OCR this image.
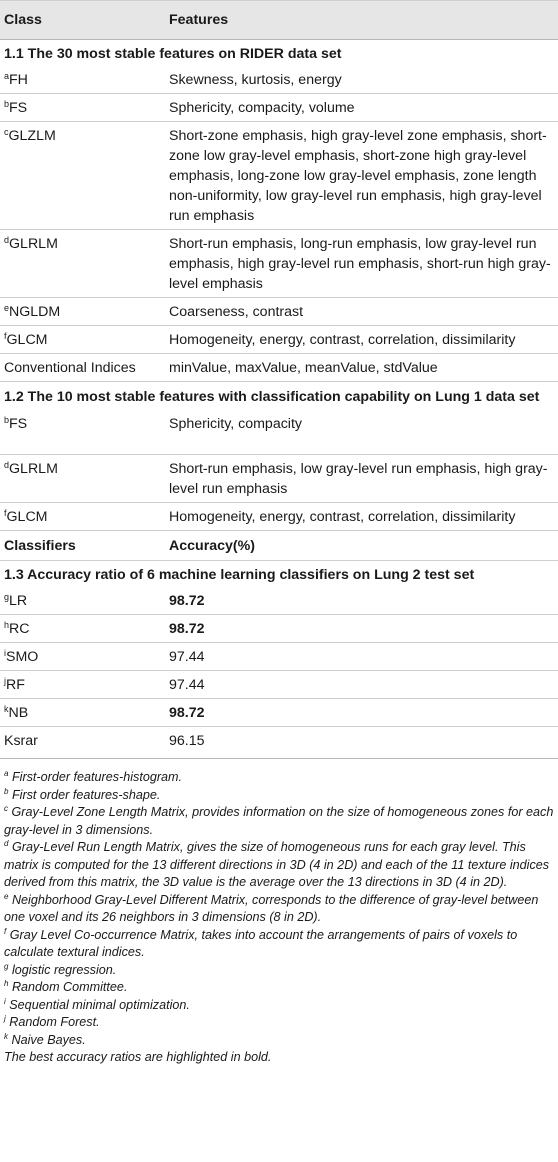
Class	Features
1.1 The 30 most stable features on RIDER data set	
$^a$FH	Skewness, kurtosis, energy
$^b$FS	Sphericity, compacity, volume
$^c$GLZLM	Short-zone emphasis, high gray-level zone emphasis, short-zone low gray-level emphasis, short-zone high gray-level emphasis, long-zone low gray-level emphasis, zone length non-uniformity, low gray-level run emphasis, high gray-level run emphasis
$^d$GLRLM	Short-run emphasis, long-run emphasis, low gray-level run emphasis, high gray-level run emphasis, short-run high gray-level emphasis
$^e$NGLDM	Coarseness, contrast
$^f$GLCM	Homogeneity, energy, contrast, correlation, dissimilarity
Conventional Indices	minValue, maxValue, meanValue, stdValue
1.2 The 10 most stable features with classification capability on Lung 1 data set	
$^b$FS	Sphericity, compacity
$^d$GLRLM	Short-run emphasis, low gray-level run emphasis, high gray-level run emphasis
$^f$GLCM	Homogeneity, energy, contrast, correlation, dissimilarity
Classifiers	Accuracy(%)
1.3 Accuracy ratio of 6 machine learning classifiers on Lung 2 test set	
$^g$LR	98.72
$^h$RC	98.72
$^i$SMO	97.44
$^j$RF	97.44
$^k$NB	98.72
Ksrar	96.15
$^a$ First-order features-histogram.
$^b$ First order features-shape.
$^c$ Gray-Level Zone Length Matrix, provides information on the size of homogeneous zones for each gray-level in 3 dimensions.
$^d$ Gray-Level Run Length Matrix, gives the size of homogeneous runs for each gray level. This matrix is computed for the 13 different directions in 3D (4 in 2D) and each of the 11 texture indices derived from this matrix, the 3D value is the average over the 13 directions in 3D (4 in 2D).
$^e$ Neighborhood Gray-Level Different Matrix, corresponds to the difference of gray-level between one voxel and its 26 neighbors in 3 dimensions (8 in 2D).
$^f$ Gray Level Co-occurrence Matrix, takes into account the arrangements of pairs of voxels to calculate textural indices.
$^g$ logistic regression.
$^h$ Random Committee.
$^i$ Sequential minimal optimization.
$^j$ Random Forest.
$^k$ Naive Bayes.
The best accuracy ratios are highlighted in bold.
